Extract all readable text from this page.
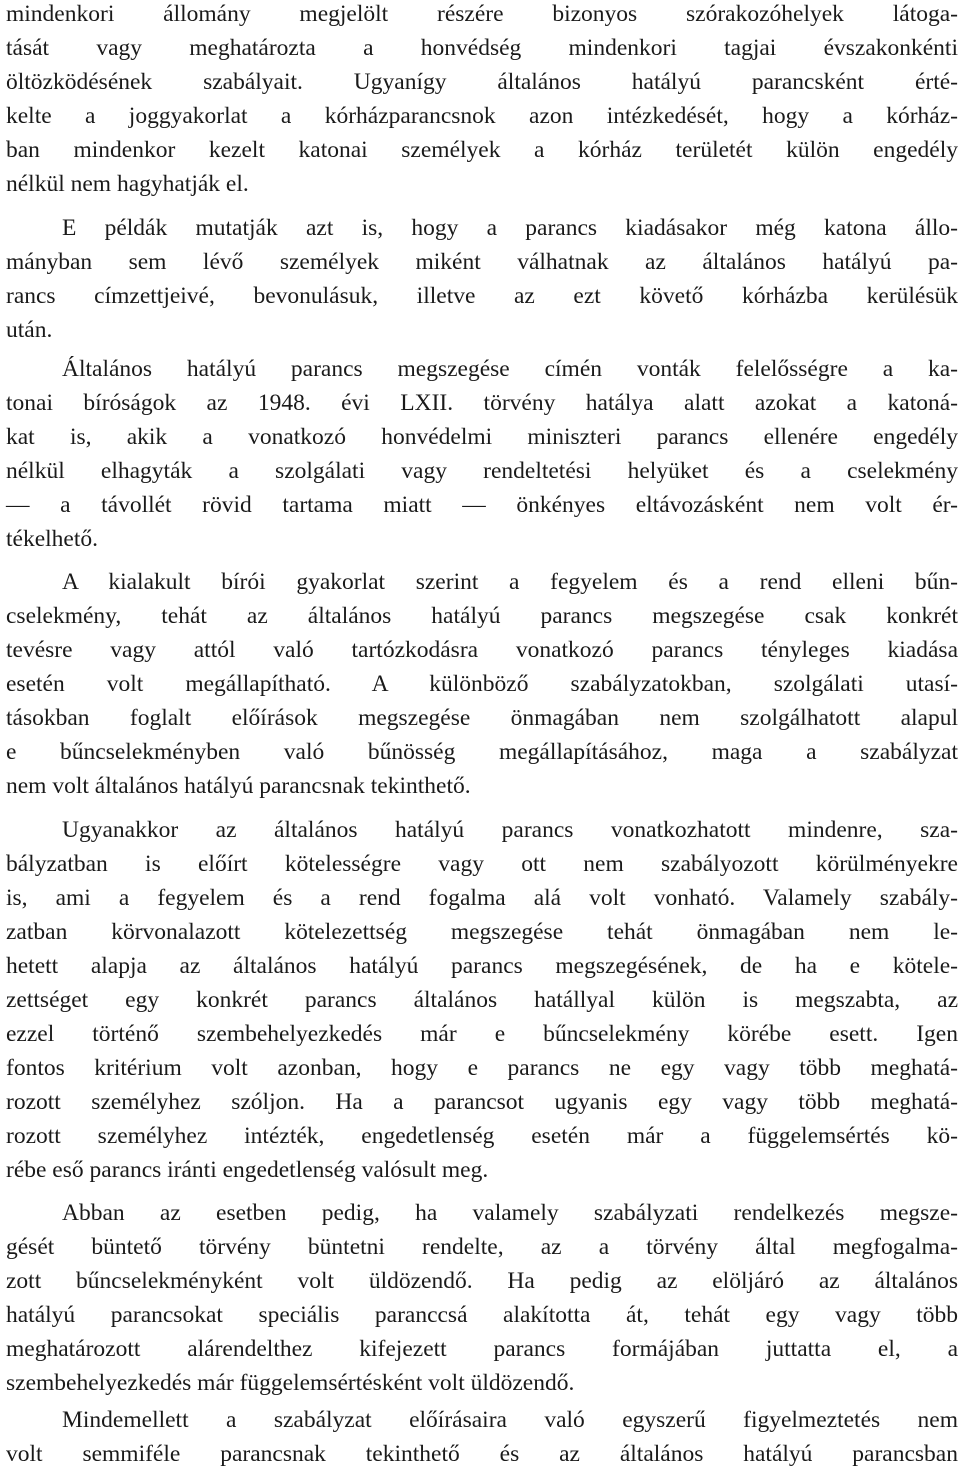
mindenkori állomány megjelölt részére bizonyos szórakozóhelyek látoga-
tását vagy meghatározta a honvédség mindenkori tagjai évszakonkénti
öltözködésének szabályait. Ugyanígy általános hatályú parancsként érté-
kelte a joggyakorlat a kórházparancsnok azon intézkedését, hogy a kórház-
ban mindenkor kezelt katonai személyek a kórház területét külön engedély
nélkül nem hagyhatják el.
E példák mutatják azt is, hogy a parancs kiadásakor még katona állo-
mányban sem lévő személyek miként válhatnak az általános hatályú pa-
rancs címzettjeivé, bevonulásuk, illetve az ezt követő kórházba kerülésük
után.
Általános hatályú parancs megszegése címén vonták felelősségre a ka-
tonai bíróságok az 1948. évi LXII. törvény hatálya alatt azokat a katoná-
kat is, akik a vonatkozó honvédelmi miniszteri parancs ellenére engedély
nélkül elhagyták a szolgálati vagy rendeltetési helyüket és a cselekmény
— a távollét rövid tartama miatt — önkényes eltávozásként nem volt ér-
tékelhető.
A kialakult bírói gyakorlat szerint a fegyelem és a rend elleni bűn-
cselekmény, tehát az általános hatályú parancs megszegése csak konkrét
tevésre vagy attól való tartózkodásra vonatkozó parancs tényleges kiadása
esetén volt megállapítható. A különböző szabályzatokban, szolgálati utasí-
tásokban foglalt előírások megszegése önmagában nem szolgálhatott alapul
e bűncselekményben való bűnösség megállapításához, maga a szabályzat
nem volt általános hatályú parancsnak tekinthető.
Ugyanakkor az általános hatályú parancs vonatkozhatott mindenre, sza-
bályzatban is előírt kötelességre vagy ott nem szabályozott körülményekre
is, ami a fegyelem és a rend fogalma alá volt vonható. Valamely szabály-
zatban körvonalazott kötelezettség megszegése tehát önmagában nem le-
hetett alapja az általános hatályú parancs megszegésének, de ha e kötele-
zettséget egy konkrét parancs általános hatállyal külön is megszabta, az
ezzel történő szembehelyezkedés már e bűncselekmény körébe esett. Igen
fontos kritérium volt azonban, hogy e parancs ne egy vagy több meghatá-
rozott személyhez szóljon. Ha a parancsot ugyanis egy vagy több meghatá-
rozott személyhez intézték, engedetlenség esetén már a függelemsértés kö-
rébe eső parancs iránti engedetlenség valósult meg.
Abban az esetben pedig, ha valamely szabályzati rendelkezés megsze-
gését büntető törvény büntetni rendelte, az a törvény által megfogalma-
zott bűncselekményként volt üldözendő. Ha pedig az elöljáró az általános
hatályú parancsokat speciális paranccsá alakította át, tehát egy vagy több
meghatározott alárendelthez kifejezett parancs formájában juttatta el, a
szembehelyezkedés már függelemsértésként volt üldözendő.
Mindemellett a szabályzat előírásaira való egyszerű figyelmeztetés nem
volt semmiféle parancsnak tekinthető és az általános hatályú parancsban
